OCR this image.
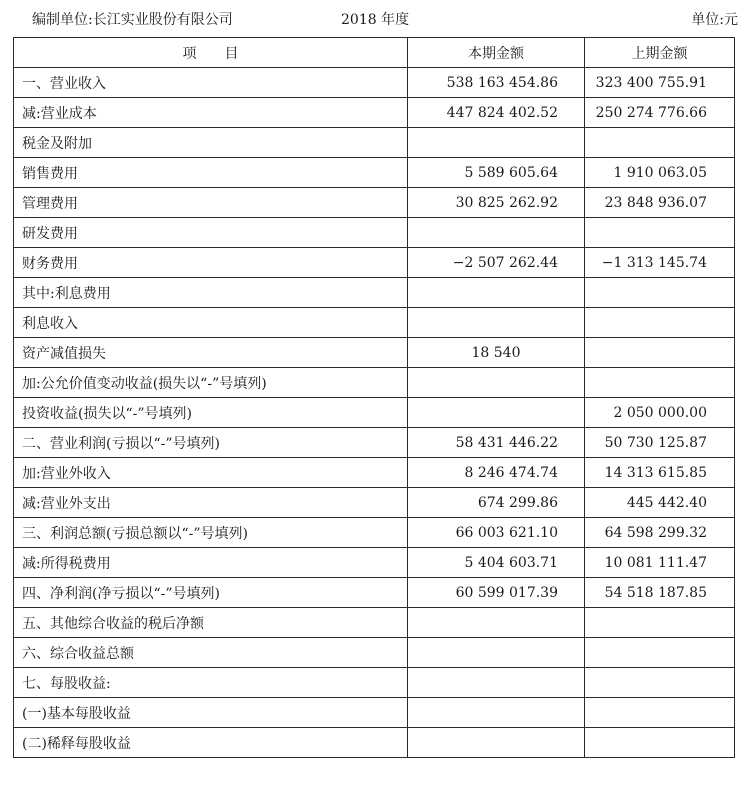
编制单位:长江实业股份有限公司	2018 年度	单位:元
项　　目	本期金额	上期金额
一、营业收入	538 163 454.86	323 400 755.91
减:营业成本	447 824 402.52	250 274 776.66
税金及附加		
销售费用	5 589 605.64	1 910 063.05
管理费用	30 825 262.92	23 848 936.07
研发费用		
财务费用	−2 507 262.44	−1 313 145.74
其中:利息费用		
利息收入		
资产减值损失	18 540	
加:公允价值变动收益(损失以“-”号填列)		
投资收益(损失以“-”号填列)		2 050 000.00
二、营业利润(亏损以“-”号填列)	58 431 446.22	50 730 125.87
加:营业外收入	8 246 474.74	14 313 615.85
减:营业外支出	674 299.86	445 442.40
三、利润总额(亏损总额以“-”号填列)	66 003 621.10	64 598 299.32
减:所得税费用	5 404 603.71	10 081 111.47
四、净利润(净亏损以“-”号填列)	60 599 017.39	54 518 187.85
五、其他综合收益的税后净额		
六、综合收益总额		
七、每股收益:		
(一)基本每股收益		
(二)稀释每股收益		
